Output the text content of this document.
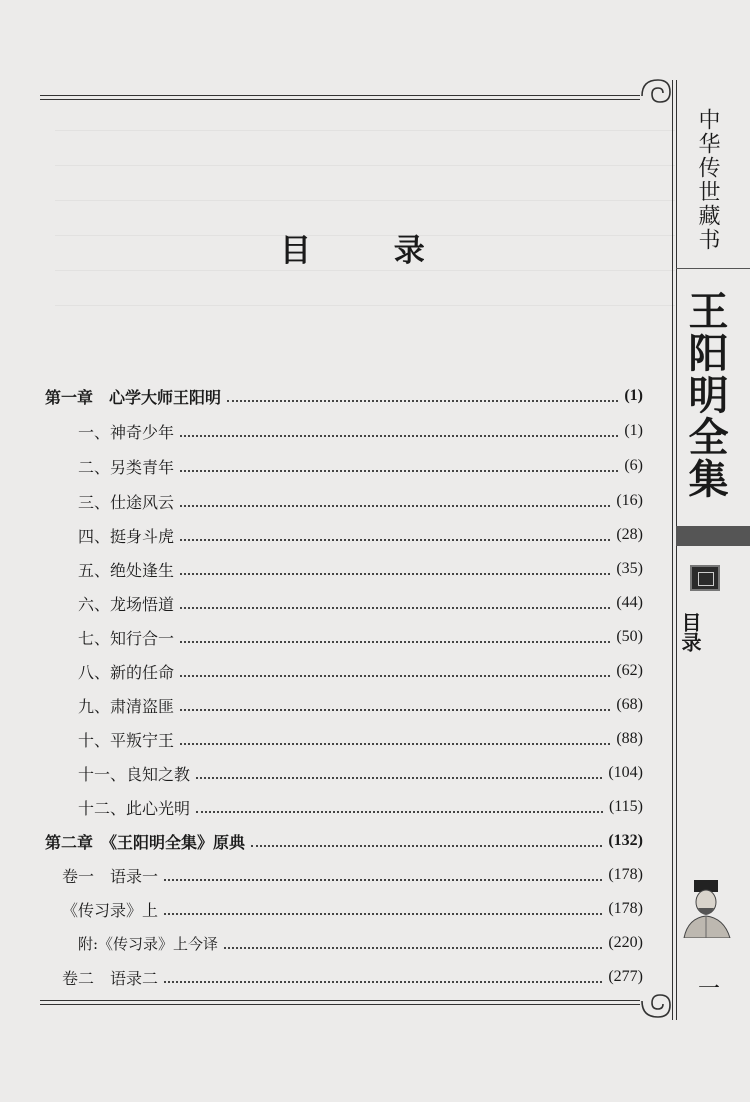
目 录
第一章　心学大师王阳明	(1)
一、神奇少年	(1)
二、另类青年	(6)
三、仕途风云	(16)
四、挺身斗虎	(28)
五、绝处逢生	(35)
六、龙场悟道	(44)
七、知行合一	(50)
八、新的任命	(62)
九、肃清盗匪	(68)
十、平叛宁王	(88)
十一、良知之教	(104)
十二、此心光明	(115)
第二章　《王阳明全集》原典	(132)
卷一　语录一	(178)
《传习录》上	(178)
附:《传习录》上今译	(220)
卷二　语录二	(277)
中华传世藏书
王阳明全集
目录
一
